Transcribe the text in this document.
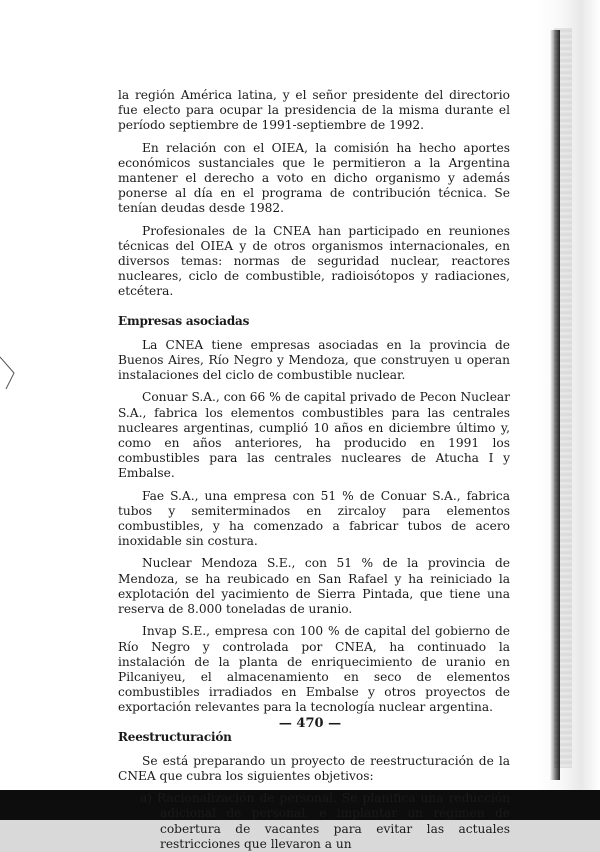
la región América latina, y el señor presidente del directorio fue electo para ocupar la presidencia de la misma durante el período septiembre de 1991-septiembre de 1992.

En relación con el OIEA, la comisión ha hecho aportes económicos sustanciales que le permitieron a la Argentina mantener el derecho a voto en dicho organismo y además ponerse al día en el programa de contribución técnica. Se tenían deudas desde 1982.

Profesionales de la CNEA han participado en reuniones técnicas del OIEA y de otros organismos internacionales, en diversos temas: normas de seguridad nuclear, reactores nucleares, ciclo de combustible, radioisótopos y radiaciones, etcétera.

Empresas asociadas

La CNEA tiene empresas asociadas en la provincia de Buenos Aires, Río Negro y Mendoza, que construyen u operan instalaciones del ciclo de combustible nuclear.

Conuar S.A., con 66 % de capital privado de Pecon Nuclear S.A., fabrica los elementos combustibles para las centrales nucleares argentinas, cumplió 10 años en diciembre último y, como en años anteriores, ha producido en 1991 los combustibles para las centrales nucleares de Atucha I y Embalse.

Fae S.A., una empresa con 51 % de Conuar S.A., fabrica tubos y semiterminados en zircaloy para elementos combustibles, y ha comenzado a fabricar tubos de acero inoxidable sin costura.

Nuclear Mendoza S.E., con 51 % de la provincia de Mendoza, se ha reubicado en San Rafael y ha reiniciado la explotación del yacimiento de Sierra Pintada, que tiene una reserva de 8.000 toneladas de uranio.

Invap S.E., empresa con 100 % de capital del gobierno de Río Negro y controlada por CNEA, ha continuado la instalación de la planta de enriquecimiento de uranio en Pilcaniyeu, el almacenamiento en seco de elementos combustibles irradiados en Embalse y otros proyectos de exportación relevantes para la tecnología nuclear argentina.

Reestructuración

Se está preparando un proyecto de reestructuración de la CNEA que cubra los siguientes objetivos:

a) Racionalización de personal. Se planifica una reducción adicional de personal, e implantar un régimen de cobertura de vacantes para evitar las actuales restricciones que llevaron a un

— 470 —
